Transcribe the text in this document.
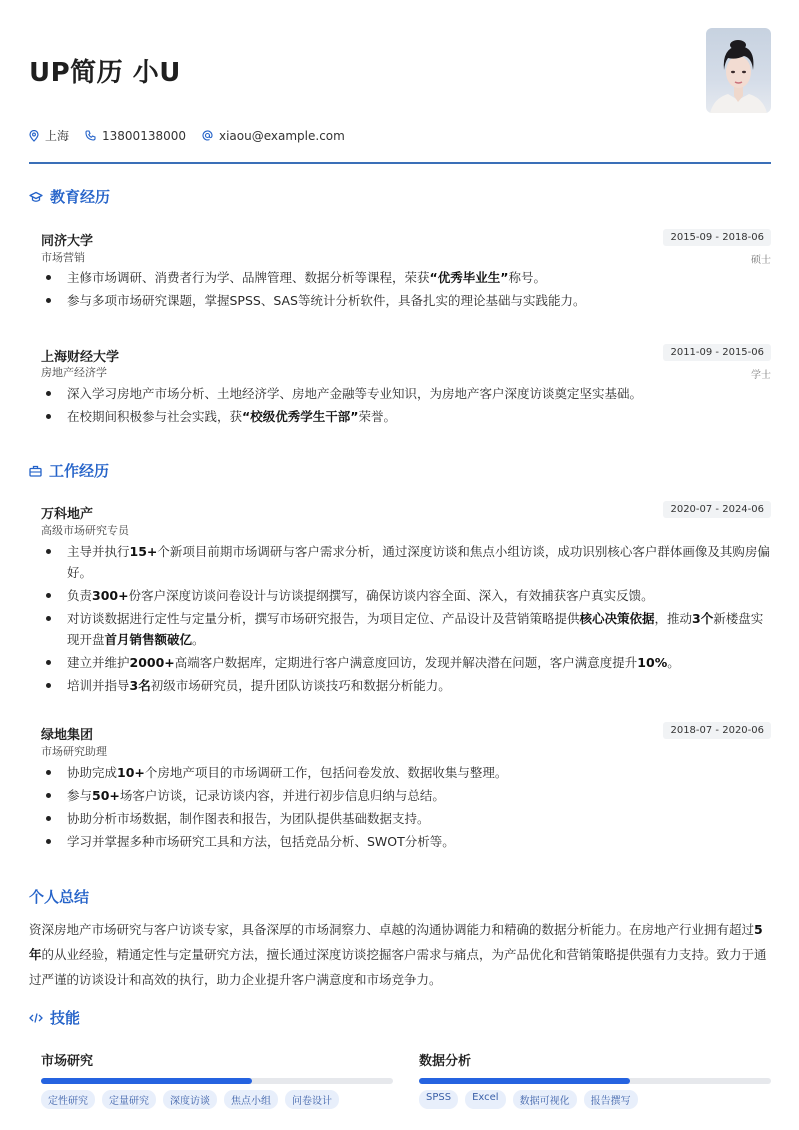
UP简历 小U
上海	13800138000	xiaou@example.com
教育经历
同济大学
市场营销
2015-09 - 2018-06
硕士
主修市场调研、消费者行为学、品牌管理、数据分析等课程，荣获“优秀毕业生”称号。
参与多项市场研究课题，掌握SPSS、SAS等统计分析软件，具备扎实的理论基础与实践能力。
上海财经大学
房地产经济学
2011-09 - 2015-06
学士
深入学习房地产市场分析、土地经济学、房地产金融等专业知识，为房地产客户深度访谈奠定坚实基础。
在校期间积极参与社会实践，获“校级优秀学生干部”荣誉。
工作经历
万科地产
高级市场研究专员
2020-07 - 2024-06
主导并执行15+个新项目前期市场调研与客户需求分析，通过深度访谈和焦点小组访谈，成功识别核心客户群体画像及其购房偏好。
负责300+份客户深度访谈问卷设计与访谈提纲撰写，确保访谈内容全面、深入，有效捕获客户真实反馈。
对访谈数据进行定性与定量分析，撰写市场研究报告，为项目定位、产品设计及营销策略提供核心决策依据，推动3个新楼盘实现开盘首月销售额破亿。
建立并维护2000+高端客户数据库，定期进行客户满意度回访，发现并解决潜在问题，客户满意度提升10%。
培训并指导3名初级市场研究员，提升团队访谈技巧和数据分析能力。
绿地集团
市场研究助理
2018-07 - 2020-06
协助完成10+个房地产项目的市场调研工作，包括问卷发放、数据收集与整理。
参与50+场客户访谈，记录访谈内容，并进行初步信息归纳与总结。
协助分析市场数据，制作图表和报告，为团队提供基础数据支持。
学习并掌握多种市场研究工具和方法，包括竞品分析、SWOT分析等。
个人总结
资深房地产市场研究与客户访谈专家，具备深厚的市场洞察力、卓越的沟通协调能力和精确的数据分析能力。在房地产行业拥有超过5年的从业经验，精通定性与定量研究方法，擅长通过深度访谈挖掘客户需求与痛点，为产品优化和营销策略提供强有力支持。致力于通过严谨的访谈设计和高效的执行，助力企业提升客户满意度和市场竞争力。
技能
市场研究
定性研究	定量研究	深度访谈	焦点小组	问卷设计
数据分析
SPSS	Excel	数据可视化	报告撰写
